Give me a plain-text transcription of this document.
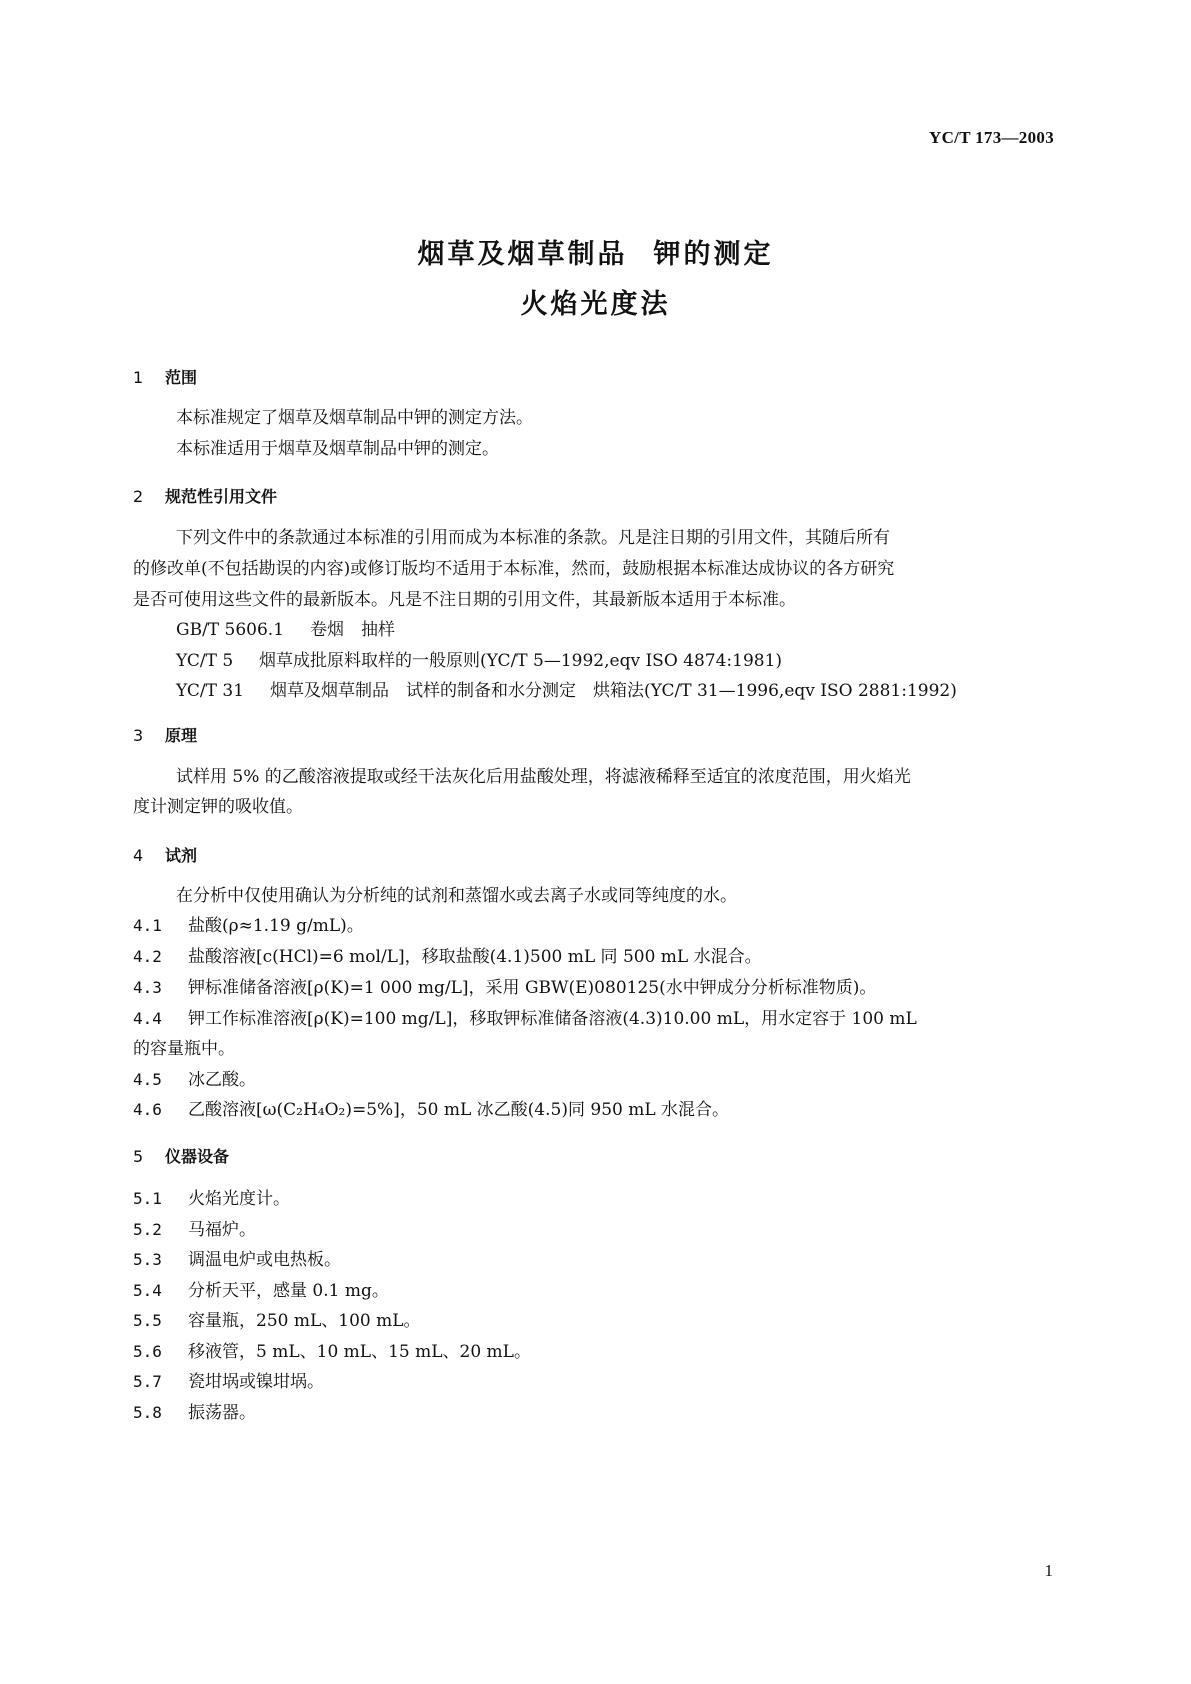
YC/T 173—2003
烟草及烟草制品 钾的测定
火焰光度法
1 范围
本标准规定了烟草及烟草制品中钾的测定方法。
本标准适用于烟草及烟草制品中钾的测定。
2 规范性引用文件
下列文件中的条款通过本标准的引用而成为本标准的条款。凡是注日期的引用文件，其随后所有
的修改单(不包括勘误的内容)或修订版均不适用于本标准，然而，鼓励根据本标准达成协议的各方研究
是否可使用这些文件的最新版本。凡是不注日期的引用文件，其最新版本适用于本标准。
GB/T 5606.1 卷烟　抽样
YC/T 5 烟草成批原料取样的一般原则(YC/T 5—1992,eqv ISO 4874:1981)
YC/T 31 烟草及烟草制品　试样的制备和水分测定　烘箱法(YC/T 31—1996,eqv ISO 2881:1992)
3 原理
试样用 5% 的乙酸溶液提取或经干法灰化后用盐酸处理，将滤液稀释至适宜的浓度范围，用火焰光
度计测定钾的吸收值。
4 试剂
在分析中仅使用确认为分析纯的试剂和蒸馏水或去离子水或同等纯度的水。
4.1 盐酸(ρ≈1.19 g/mL)。
4.2 盐酸溶液[c(HCl)=6 mol/L]，移取盐酸(4.1)500 mL 同 500 mL 水混合。
4.3 钾标准储备溶液[ρ(K)=1 000 mg/L]，采用 GBW(E)080125(水中钾成分分析标准物质)。
4.4 钾工作标准溶液[ρ(K)=100 mg/L]，移取钾标准储备溶液(4.3)10.00 mL，用水定容于 100 mL
的容量瓶中。
4.5 冰乙酸。
4.6 乙酸溶液[ω(C₂H₄O₂)=5%]，50 mL 冰乙酸(4.5)同 950 mL 水混合。
5 仪器设备
5.1 火焰光度计。
5.2 马福炉。
5.3 调温电炉或电热板。
5.4 分析天平，感量 0.1 mg。
5.5 容量瓶，250 mL、100 mL。
5.6 移液管，5 mL、10 mL、15 mL、20 mL。
5.7 瓷坩埚或镍坩埚。
5.8 振荡器。
1
